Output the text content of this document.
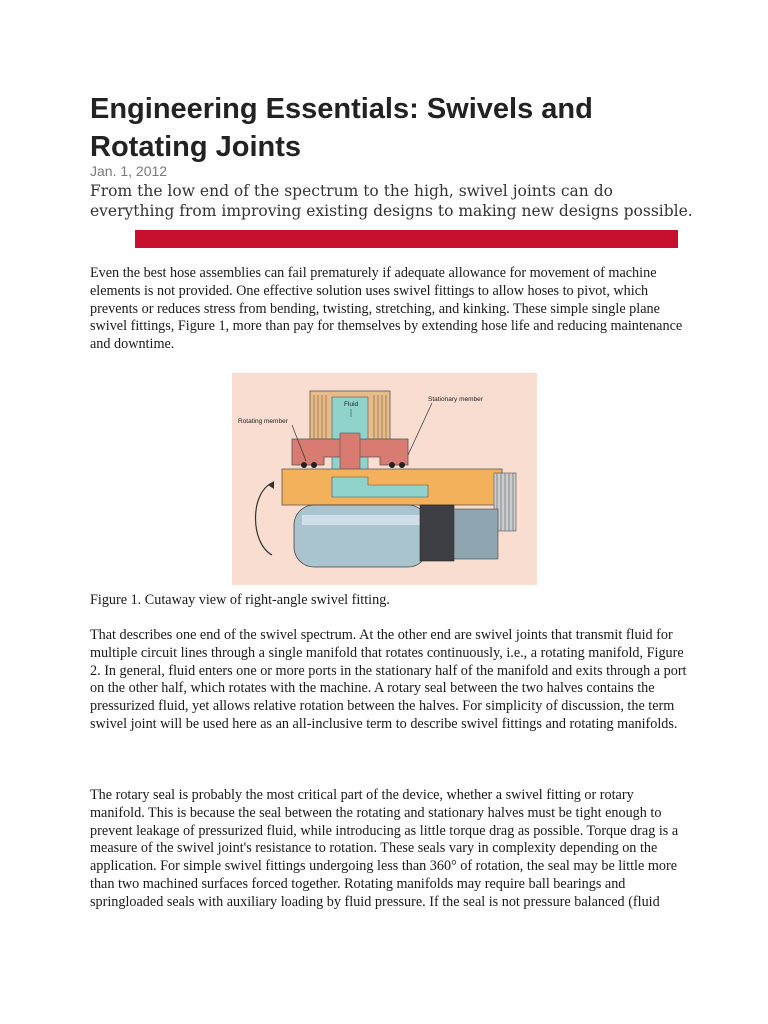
Engineering Essentials: Swivels and Rotating Joints
Jan. 1, 2012

From the low end of the spectrum to the high, swivel joints can do everything from improving existing designs to making new designs possible.

Even the best hose assemblies can fail prematurely if adequate allowance for movement of machine elements is not provided. One effective solution uses swivel fittings to allow hoses to pivot, which prevents or reduces stress from bending, twisting, stretching, and kinking. These simple single plane swivel fittings, Figure 1, more than pay for themselves by extending hose life and reducing maintenance and downtime.

Fluid
Stationary member
Rotating member
Figure 1. Cutaway view of right-angle swivel fitting.

That describes one end of the swivel spectrum. At the other end are swivel joints that transmit fluid for multiple circuit lines through a single manifold that rotates continuously, i.e., a rotating manifold, Figure 2. In general, fluid enters one or more ports in the stationary half of the manifold and exits through a port on the other half, which rotates with the machine. A rotary seal between the two halves contains the pressurized fluid, yet allows relative rotation between the halves. For simplicity of discussion, the term swivel joint will be used here as an all-inclusive term to describe swivel fittings and rotating manifolds.

The rotary seal is probably the most critical part of the device, whether a swivel fitting or rotary manifold. This is because the seal between the rotating and stationary halves must be tight enough to prevent leakage of pressurized fluid, while introducing as little torque drag as possible. Torque drag is a measure of the swivel joint's resistance to rotation. These seals vary in complexity depending on the application. For simple swivel fittings undergoing less than 360° of rotation, the seal may be little more than two machined surfaces forced together. Rotating manifolds may require ball bearings and springloaded seals with auxiliary loading by fluid pressure. If the seal is not pressure balanced (fluid
